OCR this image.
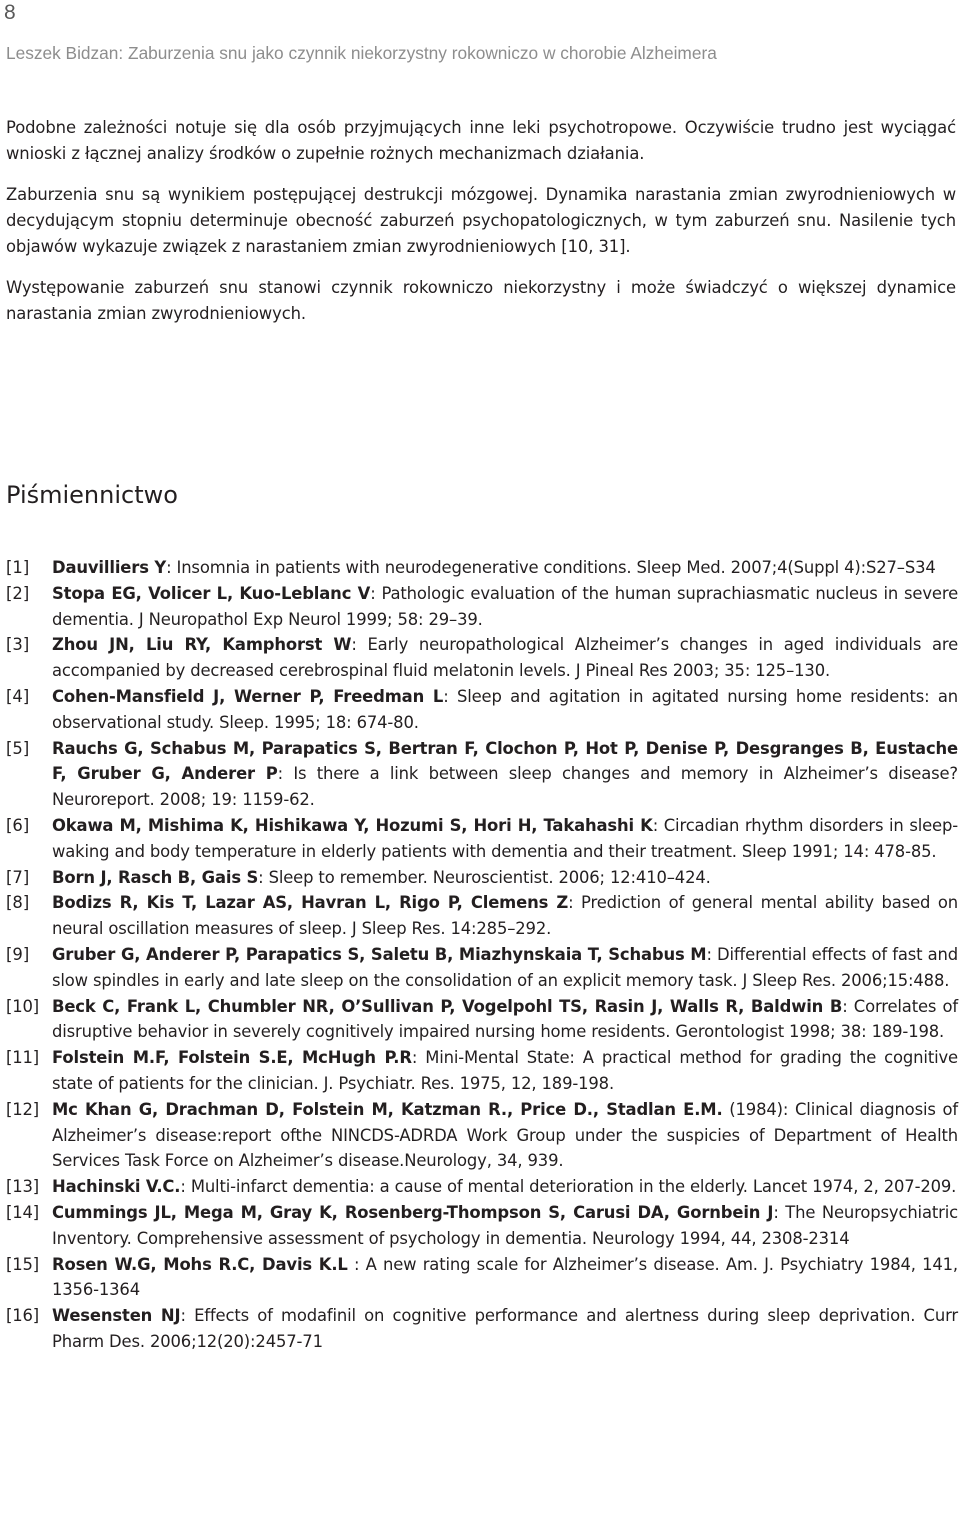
8
Leszek Bidzan: Zaburzenia snu jako czynnik niekorzystny rokowniczo w chorobie Alzheimera

Podobne zależności notuje się dla osób przyjmujących inne leki psychotropowe. Oczywiście trudno jest wyciągać wnioski z łącznej analizy środków o zupełnie rożnych mechanizmach działania.

Zaburzenia snu są wynikiem postępującej destrukcji mózgowej. Dynamika narastania zmian zwyrodnieniowych w decydującym stopniu determinuje obecność zaburzeń psychopatologicznych, w tym zaburzeń snu. Nasilenie tych objawów wykazuje związek z narastaniem zmian zwyrodnieniowych [10, 31].

Występowanie zaburzeń snu stanowi czynnik rokowniczo niekorzystny i może świadczyć o większej dynamice narastania zmian zwyrodnieniowych.

Piśmiennictwo
[1] Dauvilliers Y: Insomnia in patients with neurodegenerative conditions. Sleep Med. 2007;4(Suppl 4):S27–S34
[2] Stopa EG, Volicer L, Kuo-Leblanc V: Pathologic evaluation of the human suprachiasmatic nucleus in severe dementia. J Neuropathol Exp Neurol 1999; 58: 29–39.
[3] Zhou JN, Liu RY, Kamphorst W: Early neuropathological Alzheimer’s changes in aged individuals are accompanied by decreased cerebrospinal fluid melatonin levels. J Pineal Res 2003; 35: 125–130.
[4] Cohen-Mansfield J, Werner P, Freedman L: Sleep and agitation in agitated nursing home residents: an observational study. Sleep. 1995; 18: 674-80.
[5] Rauchs G, Schabus M, Parapatics S, Bertran F, Clochon P, Hot P, Denise P, Desgranges B, Eustache F, Gruber G, Anderer P: Is there a link between sleep changes and memory in Alzheimer’s disease? Neuroreport. 2008; 19: 1159-62.
[6] Okawa M, Mishima K, Hishikawa Y, Hozumi S, Hori H, Takahashi K: Circadian rhythm disorders in sleep-waking and body temperature in elderly patients with dementia and their treatment. Sleep 1991; 14: 478-85.
[7] Born J, Rasch B, Gais S: Sleep to remember. Neuroscientist. 2006; 12:410–424.
[8] Bodizs R, Kis T, Lazar AS, Havran L, Rigo P, Clemens Z: Prediction of general mental ability based on neural oscillation measures of sleep. J Sleep Res. 14:285–292.
[9] Gruber G, Anderer P, Parapatics S, Saletu B, Miazhynskaia T, Schabus M: Differential effects of fast and slow spindles in early and late sleep on the consolidation of an explicit memory task. J Sleep Res. 2006;15:488.
[10] Beck C, Frank L, Chumbler NR, O’Sullivan P, Vogelpohl TS, Rasin J, Walls R, Baldwin B: Correlates of disruptive behavior in severely cognitively impaired nursing home residents. Gerontologist 1998; 38: 189-198.
[11] Folstein M.F, Folstein S.E, McHugh P.R: Mini-Mental State: A practical method for grading the cognitive state of patients for the clinician. J. Psychiatr. Res. 1975, 12, 189-198.
[12] Mc Khan G, Drachman D, Folstein M, Katzman R., Price D., Stadlan E.M. (1984): Clinical diagnosis of Alzheimer’s disease:report ofthe NINCDS-ADRDA Work Group under the suspicies of Department of Health Services Task Force on Alzheimer’s disease.Neurology, 34, 939.
[13] Hachinski V.C.: Multi-infarct dementia: a cause of mental deterioration in the elderly. Lancet 1974, 2, 207-209.
[14] Cummings JL, Mega M, Gray K, Rosenberg-Thompson S, Carusi DA, Gornbein J: The Neuropsychiatric Inventory. Comprehensive assessment of psychology in dementia. Neurology 1994, 44, 2308-2314
[15] Rosen W.G, Mohs R.C, Davis K.L : A new rating scale for Alzheimer’s disease. Am. J. Psychiatry 1984, 141, 1356-1364
[16] Wesensten NJ: Effects of modafinil on cognitive performance and alertness during sleep deprivation. Curr Pharm Des. 2006;12(20):2457-71
